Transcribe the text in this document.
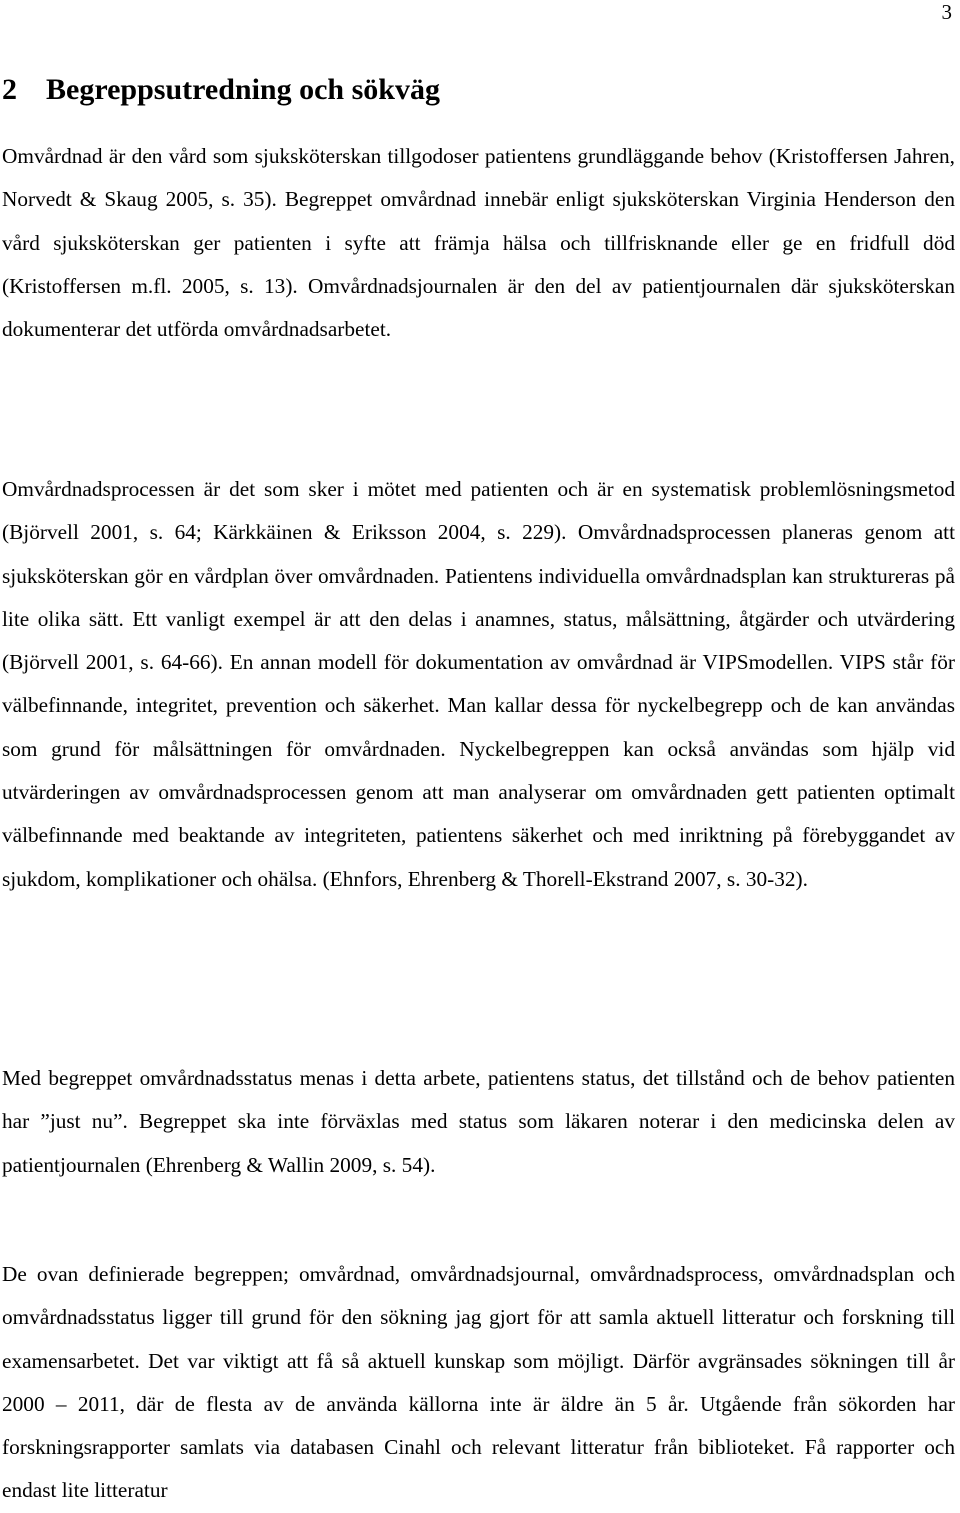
3
2 Begreppsutredning och sökväg

Omvårdnad är den vård som sjuksköterskan tillgodoser patientens grundläggande behov (Kristoffersen Jahren, Norvedt & Skaug 2005, s. 35). Begreppet omvårdnad innebär enligt sjuksköterskan Virginia Henderson den vård sjuksköterskan ger patienten i syfte att främja hälsa och tillfrisknande eller ge en fridfull död (Kristoffersen m.fl. 2005, s. 13). Omvårdnadsjournalen är den del av patientjournalen där sjuksköterskan dokumenterar det utförda omvårdnadsarbetet.

Omvårdnadsprocessen är det som sker i mötet med patienten och är en systematisk problemlösningsmetod (Björvell 2001, s. 64; Kärkkäinen & Eriksson 2004, s. 229). Omvårdnadsprocessen planeras genom att sjuksköterskan gör en vårdplan över omvårdnaden. Patientens individuella omvårdnadsplan kan struktureras på lite olika sätt. Ett vanligt exempel är att den delas i anamnes, status, målsättning, åtgärder och utvärdering (Björvell 2001, s. 64-66). En annan modell för dokumentation av omvårdnad är VIPSmodellen. VIPS står för välbefinnande, integritet, prevention och säkerhet. Man kallar dessa för nyckelbegrepp och de kan användas som grund för målsättningen för omvårdnaden. Nyckelbegreppen kan också användas som hjälp vid utvärderingen av omvårdnadsprocessen genom att man analyserar om omvårdnaden gett patienten optimalt välbefinnande med beaktande av integriteten, patientens säkerhet och med inriktning på förebyggandet av sjukdom, komplikationer och ohälsa. (Ehnfors, Ehrenberg & Thorell-Ekstrand 2007, s. 30-32).

Med begreppet omvårdnadsstatus menas i detta arbete, patientens status, det tillstånd och de behov patienten har ”just nu”. Begreppet ska inte förväxlas med status som läkaren noterar i den medicinska delen av patientjournalen (Ehrenberg & Wallin 2009, s. 54).

De ovan definierade begreppen; omvårdnad, omvårdnadsjournal, omvårdnadsprocess, omvårdnadsplan och omvårdnadsstatus ligger till grund för den sökning jag gjort för att samla aktuell litteratur och forskning till examensarbetet. Det var viktigt att få så aktuell kunskap som möjligt. Därför avgränsades sökningen till år 2000 – 2011, där de flesta av de använda källorna inte är äldre än 5 år. Utgående från sökorden har forskningsrapporter samlats via databasen Cinahl och relevant litteratur från biblioteket. Få rapporter och endast lite litteratur
